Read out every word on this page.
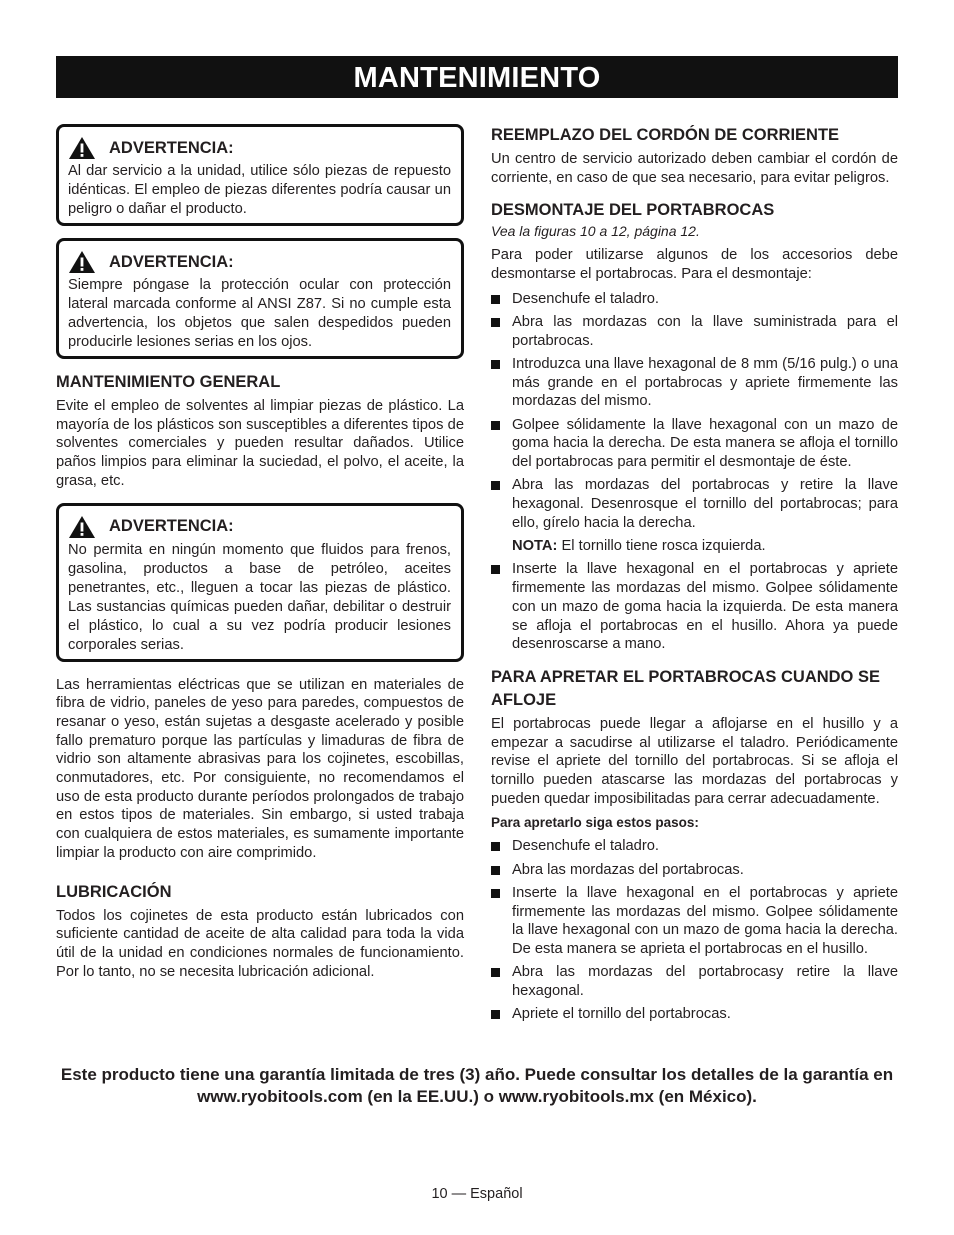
MANTENIMIENTO
ADVERTENCIA:

Al dar servicio a la unidad, utilice sólo piezas de repuesto idénticas. El empleo de piezas diferentes podría causar un peligro o dañar el producto.

ADVERTENCIA:

Siempre póngase la protección ocular con protección lateral marcada conforme al ANSI Z87. Si no cumple esta advertencia, los objetos que salen despedidos pueden producirle lesiones serias en los ojos.

MANTENIMIENTO GENERAL

Evite el empleo de solventes al limpiar piezas de plástico. La mayoría de los plásticos son susceptibles a diferentes tipos de solventes comerciales y pueden resultar dañados. Utilice paños limpios para eliminar la suciedad, el polvo, el aceite, la grasa, etc.

ADVERTENCIA:

No permita en ningún momento que fluidos para frenos, gasolina, productos a base de petróleo, aceites penetrantes, etc., lleguen a tocar las piezas de plástico. Las sustancias químicas pueden dañar, debilitar o destruir el plástico, lo cual a su vez podría producir lesiones corporales serias.

Las herramientas eléctricas que se utilizan en materiales de fibra de vidrio, paneles de yeso para paredes, compuestos de resanar o yeso, están sujetas a desgaste acelerado y posible fallo prematuro porque las partículas y limaduras de fibra de vidrio son altamente abrasivas para los cojinetes, escobillas, conmutadores, etc. Por consiguiente, no recomendamos el uso de esta producto durante períodos prolongados de trabajo en estos tipos de materiales. Sin embargo, si usted trabaja con cualquiera de estos materiales, es sumamente importante limpiar la producto con aire comprimido.

LUBRICACIÓN

Todos los cojinetes de esta producto están lubricados con suficiente cantidad de aceite de alta calidad para toda la vida útil de la unidad en condiciones normales de funcionamiento. Por lo tanto, no se necesita lubricación adicional.

REEMPLAZO DEL CORDÓN DE CORRIENTE

Un centro de servicio autorizado deben cambiar el cordón de corriente, en caso de que sea necesario, para evitar peligros.

DESMONTAJE DEL PORTABROCAS

Vea la figuras 10 a 12, página 12.

Para poder utilizarse algunos de los accesorios debe desmontarse el portabrocas. Para el desmontaje:

Desenchufe el taladro.
Abra las mordazas con la llave suministrada para el portabrocas.
Introduzca una llave hexagonal de 8 mm (5/16 pulg.) o una más grande en el portabrocas y apriete firmemente las mordazas del mismo.
Golpee sólidamente la llave hexagonal con un mazo de goma hacia la derecha. De esta manera se afloja el tornillo del portabrocas para permitir el desmontaje de éste.
Abra las mordazas del portabrocas y retire la llave hexagonal. Desenrosque el tornillo del portabrocas; para ello, gírelo hacia la derecha.

NOTA: El tornillo tiene rosca izquierda.

Inserte la llave hexagonal en el portabrocas y apriete firmemente las mordazas del mismo. Golpee sólidamente con un mazo de goma hacia la izquierda. De esta manera se afloja el portabrocas en el husillo. Ahora ya puede desenroscarse a mano.
PARA APRETAR EL PORTABROCAS CUANDO SE AFLOJE

El portabrocas puede llegar a aflojarse en el husillo y a empezar a sacudirse al utilizarse el taladro. Periódicamente revise el apriete del tornillo del portabrocas. Si se afloja el tornillo pueden atascarse las mordazas del portabrocas y pueden quedar imposibilitadas para cerrar adecuadamente.

Para apretarlo siga estos pasos:

Desenchufe el taladro.
Abra las mordazas del portabrocas.
Inserte la llave hexagonal en el portabrocas y apriete firmemente las mordazas del mismo. Golpee sólidamente la llave hexagonal con un mazo de goma hacia la derecha. De esta manera se aprieta el portabrocas en el husillo.
Abra las mordazas del portabrocasy retire la llave hexagonal.
Apriete el tornillo del portabrocas.
Este producto tiene una garantía limitada de tres (3) año. Puede consultar los detalles de la garantía en www.ryobitools.com (en la EE.UU.) o www.ryobitools.mx (en México).
10 — Español
